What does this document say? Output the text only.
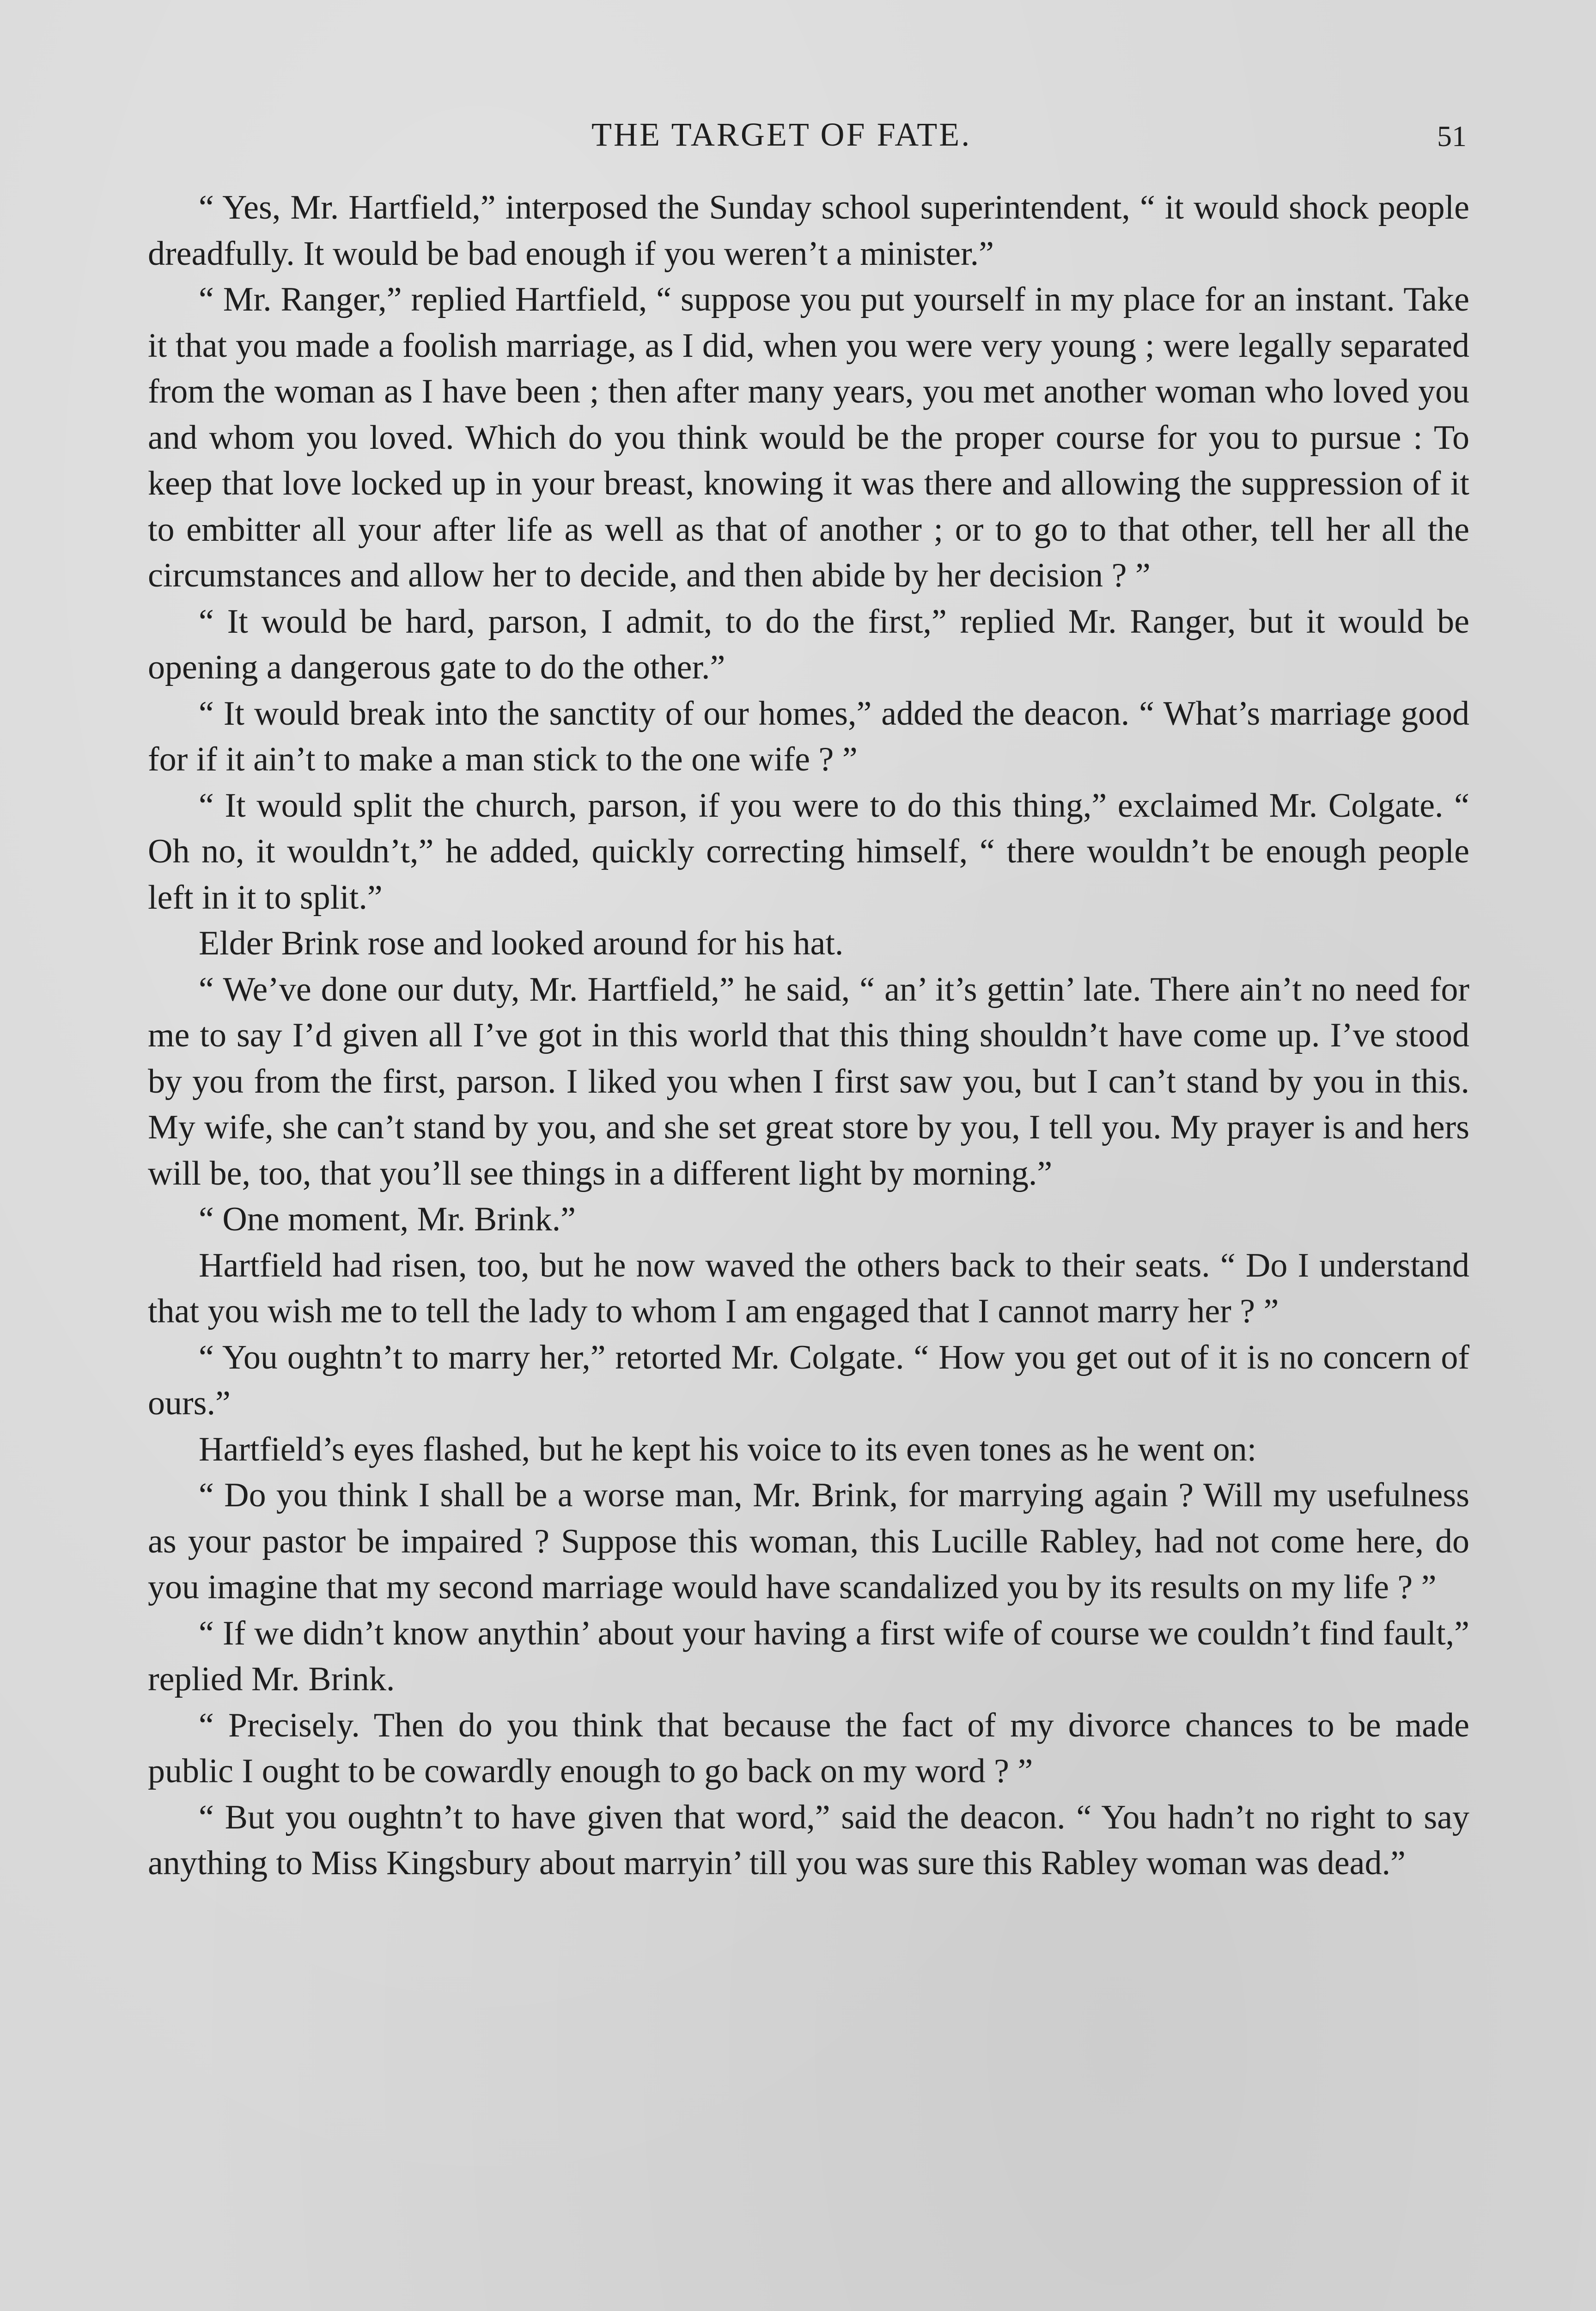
THE TARGET OF FATE.	51

“ Yes, Mr. Hartfield,” interposed the Sunday school superintendent, “ it would shock people dreadfully. It would be bad enough if you weren’t a minister.”

“ Mr. Ranger,” replied Hartfield, “ suppose you put yourself in my place for an instant. Take it that you made a foolish marriage, as I did, when you were very young ; were legally separated from the woman as I have been ; then after many years, you met another woman who loved you and whom you loved. Which do you think would be the proper course for you to pursue : To keep that love locked up in your breast, knowing it was there and allowing the suppression of it to embitter all your after life as well as that of another ; or to go to that other, tell her all the circumstances and allow her to decide, and then abide by her decision ? ”

“ It would be hard, parson, I admit, to do the first,” replied Mr. Ranger, but it would be opening a dangerous gate to do the other.”

“ It would break into the sanctity of our homes,” added the deacon. “ What’s marriage good for if it ain’t to make a man stick to the one wife ? ”

“ It would split the church, parson, if you were to do this thing,” exclaimed Mr. Colgate. “ Oh no, it wouldn’t,” he added, quickly correcting himself, “ there wouldn’t be enough people left in it to split.”

Elder Brink rose and looked around for his hat.

“ We’ve done our duty, Mr. Hartfield,” he said, “ an’ it’s gettin’ late. There ain’t no need for me to say I’d given all I’ve got in this world that this thing shouldn’t have come up. I’ve stood by you from the first, parson. I liked you when I first saw you, but I can’t stand by you in this. My wife, she can’t stand by you, and she set great store by you, I tell you. My prayer is and hers will be, too, that you’ll see things in a different light by morning.”

“ One moment, Mr. Brink.”

Hartfield had risen, too, but he now waved the others back to their seats. “ Do I understand that you wish me to tell the lady to whom I am engaged that I cannot marry her ? ”

“ You oughtn’t to marry her,” retorted Mr. Colgate. “ How you get out of it is no concern of ours.”

Hartfield’s eyes flashed, but he kept his voice to its even tones as he went on:

“ Do you think I shall be a worse man, Mr. Brink, for marrying again ? Will my usefulness as your pastor be impaired ? Suppose this woman, this Lucille Rabley, had not come here, do you imagine that my second marriage would have scandalized you by its results on my life ? ”

“ If we didn’t know anythin’ about your having a first wife of course we couldn’t find fault,” replied Mr. Brink.

“ Precisely. Then do you think that because the fact of my divorce chances to be made public I ought to be cowardly enough to go back on my word ? ”

“ But you oughtn’t to have given that word,” said the deacon. “ You hadn’t no right to say anything to Miss Kingsbury about marryin’ till you was sure this Rabley woman was dead.”
